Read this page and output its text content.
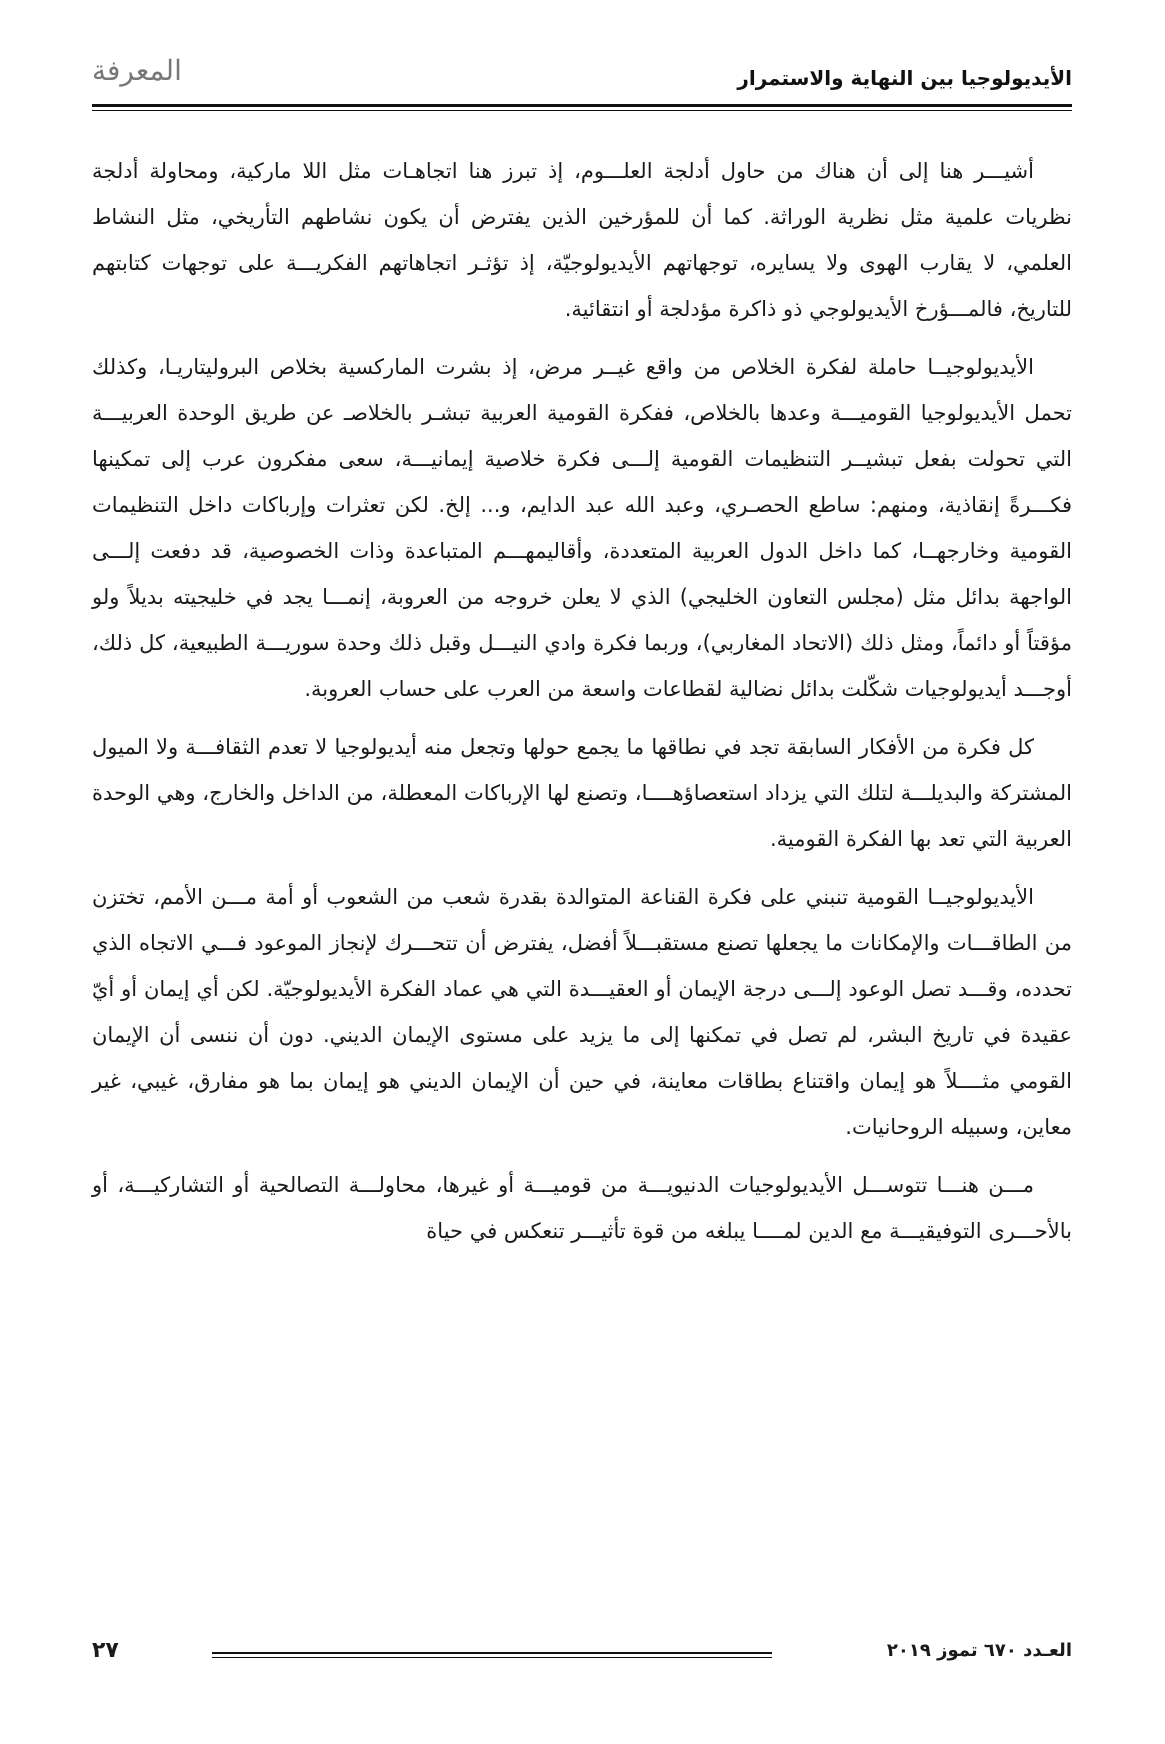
المعرفة	الأيديولوجيا بين النهاية والاستمرار

أشيـــر هنا إلى أن هناك من حاول أدلجة العلـــوم، إذ تبرز هنا اتجاهـات مثل اللا ماركية، ومحاولة أدلجة نظريات علمية مثل نظرية الوراثة. كما أن للمؤرخين الذين يفترض أن يكون نشاطهم التأريخي، مثل النشاط العلمي، لا يقارب الهوى ولا يسايره، توجهاتهم الأيديولوجيّة، إذ تؤثـر اتجاهاتهم الفكريـــة على توجهات كتابتهم للتاريخ، فالمـــؤرخ الأيديولوجي ذو ذاكرة مؤدلجة أو انتقائية.

الأيديولوجيــا حاملة لفكرة الخلاص من واقع غيــر مرض، إذ بشرت الماركسية بخلاص البروليتاريـا، وكذلك تحمل الأيديولوجيا القوميـــة وعدها بالخلاص، ففكرة القومية العربية تبشـر بالخلاصـ عن طريق الوحدة العربيـــة التي تحولت بفعل تبشيــر التنظيمات القومية إلـــى فكرة خلاصية إيمانيـــة، سعى مفكرون عرب إلى تمكينها فكـــرةً إنقاذية، ومنهم: ساطع الحصـري، وعبد الله عبد الدايم، و... إلخ. لكن تعثرات وإرباكات داخل التنظيمات القومية وخارجهــا، كما داخل الدول العربية المتعددة، وأقاليمهـــم المتباعدة وذات الخصوصية، قد دفعت إلـــى الواجهة بدائل مثل (مجلس التعاون الخليجي) الذي لا يعلن خروجه من العروبة، إنمـــا يجد في خليجيته بديلاً ولو مؤقتاً أو دائماً، ومثل ذلك (الاتحاد المغاربي)، وربما فكرة وادي النيـــل وقبل ذلك وحدة سوريـــة الطبيعية، كل ذلك، أوجـــد أيديولوجيات شكّلت بدائل نضالية لقطاعات واسعة من العرب على حساب العروبة.

كل فكرة من الأفكار السابقة تجد في نطاقها ما يجمع حولها وتجعل منه أيديولوجيا لا تعدم الثقافـــة ولا الميول المشتركة والبديلـــة لتلك التي يزداد استعصاؤهــــا، وتصنع لها الإرباكات المعطلة، من الداخل والخارج، وهي الوحدة العربية التي تعد بها الفكرة القومية.

الأيديولوجيــا القومية تنبني على فكرة القناعة المتوالدة بقدرة شعب من الشعوب أو أمة مـــن الأمم، تختزن من الطاقـــات والإمكانات ما يجعلها تصنع مستقبـــلاً أفضل، يفترض أن تتحـــرك لإنجاز الموعود فـــي الاتجاه الذي تحدده، وقـــد تصل الوعود إلـــى درجة الإيمان أو العقيـــدة التي هي عماد الفكرة الأيديولوجيّة. لكن أي إيمان أو أيّ عقيدة في تاريخ البشر، لم تصل في تمكنها إلى ما يزيد على مستوى الإيمان الديني. دون أن ننسى أن الإيمان القومي مثــــلاً هو إيمان واقتناع بطاقات معاينة، في حين أن الإيمان الديني هو إيمان بما هو مفارق، غيبي، غير معاين، وسبيله الروحانيات.

مـــن هنـــا تتوســـل الأيديولوجيات الدنيويـــة من قوميـــة أو غيرها، محاولـــة التصالحية أو التشاركيـــة، أو بالأحـــرى التوفيقيـــة مع الدين لمــــا يبلغه من قوة تأثيـــر تنعكس في حياة

٢٧	العـدد ٦٧٠ تموز ٢٠١٩
